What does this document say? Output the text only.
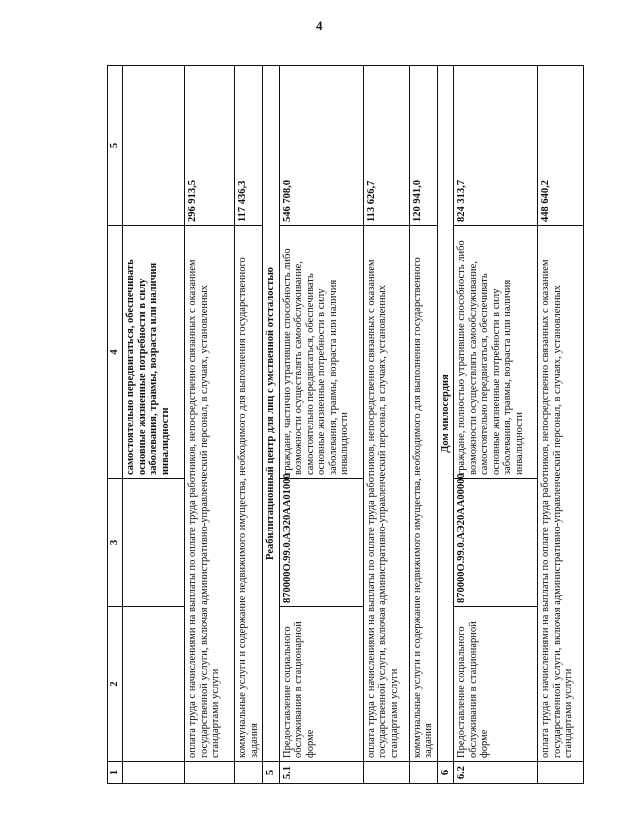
4
1	2	3	4	5
			самостоятельно передвигаться, обеспечивать основные жизненные потребности в силу заболевания, травмы, возраста или наличия инвалидности	
	оплата труда с начислениями на выплаты по оплате труда работников, непосредственно связанных с оказанием государственной услуги, включая административно-управленческий персонал, в случаях, установленных стандартами услуги			296 913,5
	коммунальные услуги и содержание недвижимого имущества, необходимого для выполнения государственного задания			117 436,3
5	Реабилитационный центр для лиц с умственной отсталостью			
5.1	Предоставление социального обслуживания в стационарной форме	870000О.99.0.АЭ20АА01000	граждане, частично утратившие способность либо возможности осуществлять самообслуживание, самостоятельно передвигаться, обеспечивать основные жизненные потребности в силу заболевания, травмы, возраста или наличия инвалидности	546 708,0
	оплата труда с начислениями на выплаты по оплате труда работников, непосредственно связанных с оказанием государственной услуги, включая административно-управленческий персонал, в случаях, установленных стандартами услуги			113 626,7
	коммунальные услуги и содержание недвижимого имущества, необходимого для выполнения государственного задания			120 941,0
6	Дом милосердия			
6.2	Предоставление социального обслуживания в стационарной форме	870000О.99.0.АЭ20АА00000	граждане, полностью утратившие способность либо возможности осуществлять самообслуживание, самостоятельно передвигаться, обеспечивать основные жизненные потребности в силу заболевания, травмы, возраста или наличия инвалидности	824 313,7
	оплата труда с начислениями на выплаты по оплате труда работников, непосредственно связанных с оказанием государственной услуги, включая административно-управленческий персонал, в случаях, установленных стандартами услуги			448 640,2
